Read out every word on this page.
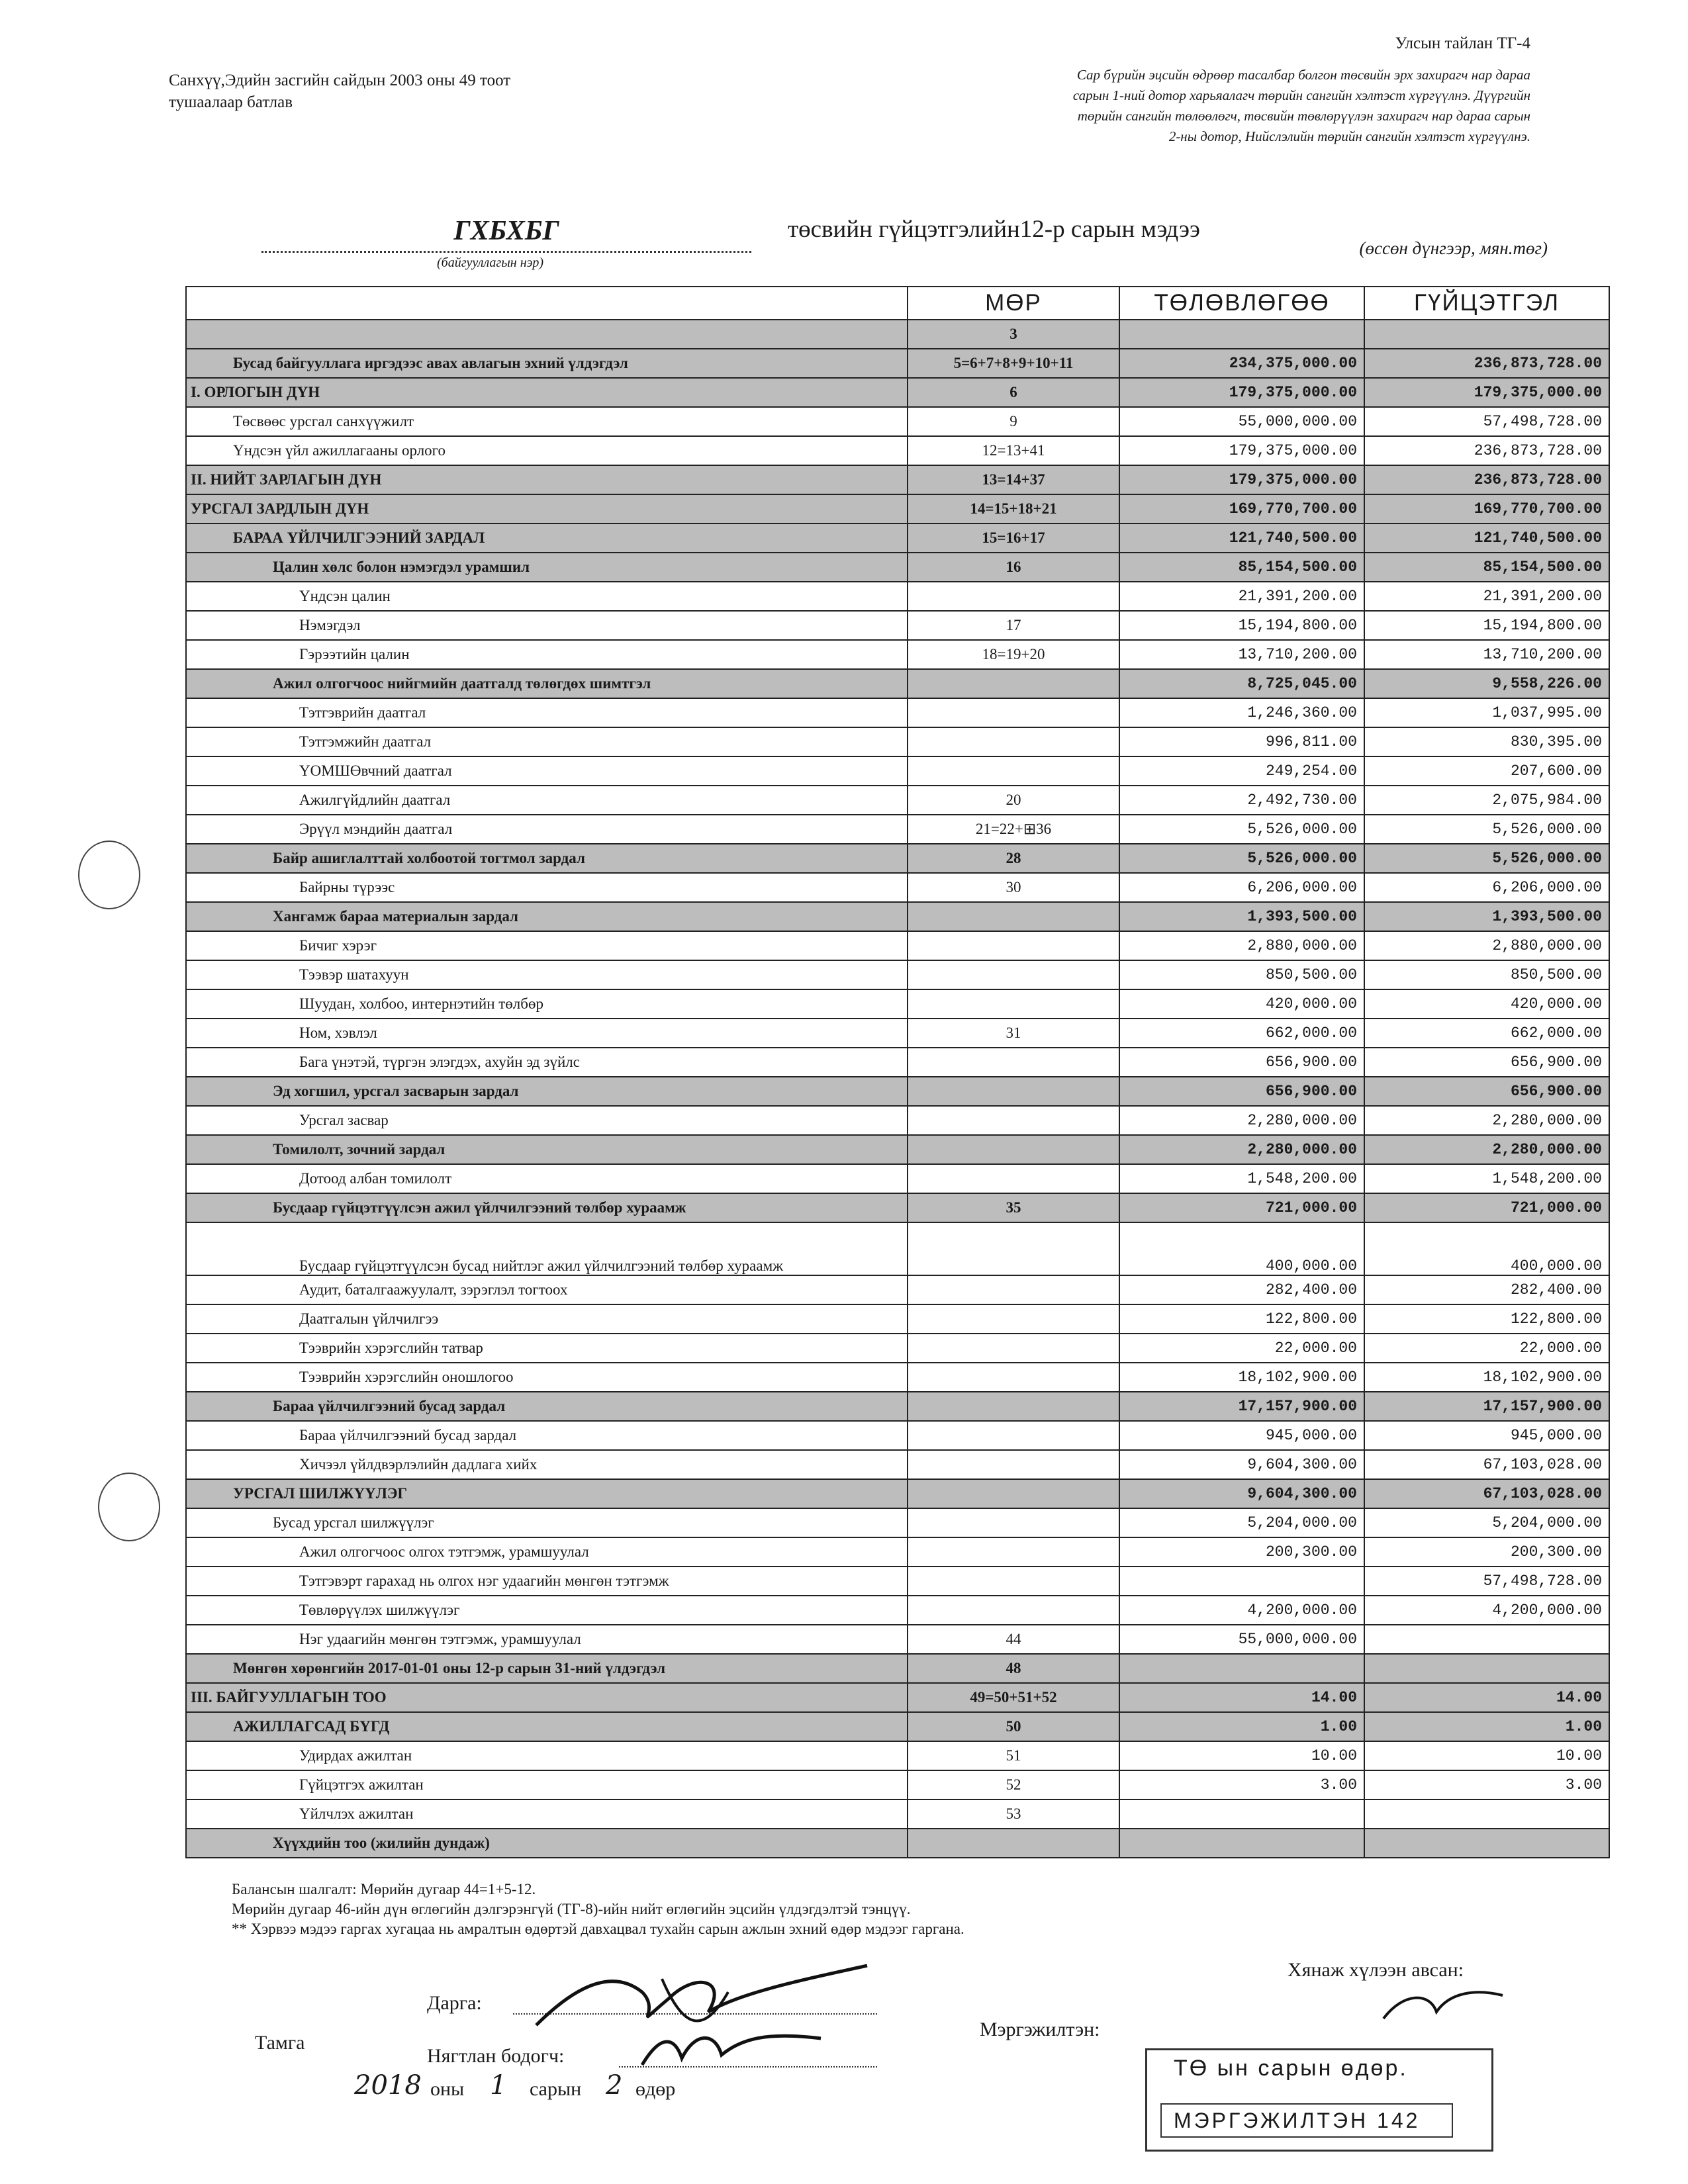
Санхүү,Эдийн засгийн сайдын 2003 оны 49 тоот
тушаалаар батлав
Улсын тайлан ТГ-4
Сар бүрийн эцсийн өдрөөр тасалбар болгон төсвийн эрх захирагч нар дараа
сарын 1-ний дотор харьяалагч төрийн сангийн хэлтэст хүргүүлнэ. Дүүргийн
төрийн сангийн төлөөлөгч, төсвийн төвлөрүүлэн захирагч нар дараа сарын
2-ны дотор, Нийслэлийн төрийн сангийн хэлтэст хүргүүлнэ.
ГХБХБГ
(байгууллагын нэр)
төсвийн гүйцэтгэлийн12-р сарын мэдээ
(өссөн дүнгээр, мян.төг)
	МӨР	ТӨЛӨВЛӨГӨӨ	ГҮЙЦЭТГЭЛ
	3		
Бусад байгууллага иргэдээс авах авлагын эхний үлдэгдэл	5=6+7+8+9+10+11	234,375,000.00	236,873,728.00
I. ОРЛОГЫН ДҮН	6	179,375,000.00	179,375,000.00
Төсвөөс урсгал санхүүжилт	9	55,000,000.00	57,498,728.00
Үндсэн үйл ажиллагааны орлого	12=13+41	179,375,000.00	236,873,728.00
II. НИЙТ ЗАРЛАГЫН ДҮН	13=14+37	179,375,000.00	236,873,728.00
УРСГАЛ ЗАРДЛЫН ДҮН	14=15+18+21	169,770,700.00	169,770,700.00
БАРАА ҮЙЛЧИЛГЭЭНИЙ ЗАРДАЛ	15=16+17	121,740,500.00	121,740,500.00
Цалин хөлс болон нэмэгдэл урамшил	16	85,154,500.00	85,154,500.00
Үндсэн цалин		21,391,200.00	21,391,200.00
Нэмэгдэл	17	15,194,800.00	15,194,800.00
Гэрээтийн цалин	18=19+20	13,710,200.00	13,710,200.00
Ажил олгогчоос нийгмийн даатгалд төлөгдөх шимтгэл		8,725,045.00	9,558,226.00
Тэтгэврийн даатгал		1,246,360.00	1,037,995.00
Тэтгэмжийн даатгал		996,811.00	830,395.00
ҮОМШӨвчний даатгал		249,254.00	207,600.00
Ажилгүйдлийн даатгал	20	2,492,730.00	2,075,984.00
Эрүүл мэндийн даатгал	21=22+⊞36	5,526,000.00	5,526,000.00
Байр ашиглалттай холбоотой тогтмол зардал	28	5,526,000.00	5,526,000.00
Байрны түрээс	30	6,206,000.00	6,206,000.00
Хангамж бараа материалын зардал		1,393,500.00	1,393,500.00
Бичиг хэрэг		2,880,000.00	2,880,000.00
Тээвэр шатахуун		850,500.00	850,500.00
Шуудан, холбоо, интернэтийн төлбөр		420,000.00	420,000.00
Ном, хэвлэл	31	662,000.00	662,000.00
Бага үнэтэй, түргэн элэгдэх, ахуйн эд зүйлс		656,900.00	656,900.00
Эд хогшил, урсгал засварын зардал		656,900.00	656,900.00
Урсгал засвар		2,280,000.00	2,280,000.00
Томилолт, зочний зардал		2,280,000.00	2,280,000.00
Дотоод албан томилолт		1,548,200.00	1,548,200.00
Бусдаар гүйцэтгүүлсэн ажил үйлчилгээний төлбөр хураамж	35	721,000.00	721,000.00
Бусдаар гүйцэтгүүлсэн бусад нийтлэг ажил үйлчилгээний төлбөр хураамж		400,000.00	400,000.00
Аудит, баталгаажуулалт, зэрэглэл тогтоох		282,400.00	282,400.00
Даатгалын үйлчилгээ		122,800.00	122,800.00
Тээврийн хэрэгслийн татвар		22,000.00	22,000.00
Тээврийн хэрэгслийн оношлогоо		18,102,900.00	18,102,900.00
Бараа үйлчилгээний бусад зардал		17,157,900.00	17,157,900.00
Бараа үйлчилгээний бусад зардал		945,000.00	945,000.00
Хичээл үйлдвэрлэлийн дадлага хийх		9,604,300.00	67,103,028.00
УРСГАЛ ШИЛЖҮҮЛЭГ		9,604,300.00	67,103,028.00
Бусад урсгал шилжүүлэг		5,204,000.00	5,204,000.00
Ажил олгогчоос олгох тэтгэмж, урамшуулал		200,300.00	200,300.00
Тэтгэвэрт гарахад нь олгох нэг удаагийн мөнгөн тэтгэмж			57,498,728.00
Төвлөрүүлэх шилжүүлэг		4,200,000.00	4,200,000.00
Нэг удаагийн мөнгөн тэтгэмж, урамшуулал	44	55,000,000.00	
Мөнгөн хөрөнгийн 2017-01-01 оны 12-р сарын 31-ний үлдэгдэл	48		
III. БАЙГУУЛЛАГЫН ТОО	49=50+51+52	14.00	14.00
АЖИЛЛАГСАД БҮГД	50	1.00	1.00
Удирдах ажилтан	51	10.00	10.00
Гүйцэтгэх ажилтан	52	3.00	3.00
Үйлчлэх ажилтан	53		
Хүүхдийн тоо (жилийн дундаж)			
Балансын шалгалт: Мөрийн дугаар 44=1+5-12.
Мөрийн дугаар 46-ийн дүн өглөгийн дэлгэрэнгүй (ТГ-8)-ийн нийт өглөгийн эцсийн үлдэгдэлтэй тэнцүү.
** Хэрвээ мэдээ гаргах хугацаа нь амралтын өдөртэй давхацвал тухайн сарын ажлын эхний өдөр мэдээг гаргана.
Дарга:
Тамга
Нягтлан бодогч:
2018 оны 1 сарын 2 өдөр
Хянаж хүлээн авсан:
Мэргэжилтэн:
ТӨ ын сарын өдөр.
МЭРГЭЖИЛТЭН 142
